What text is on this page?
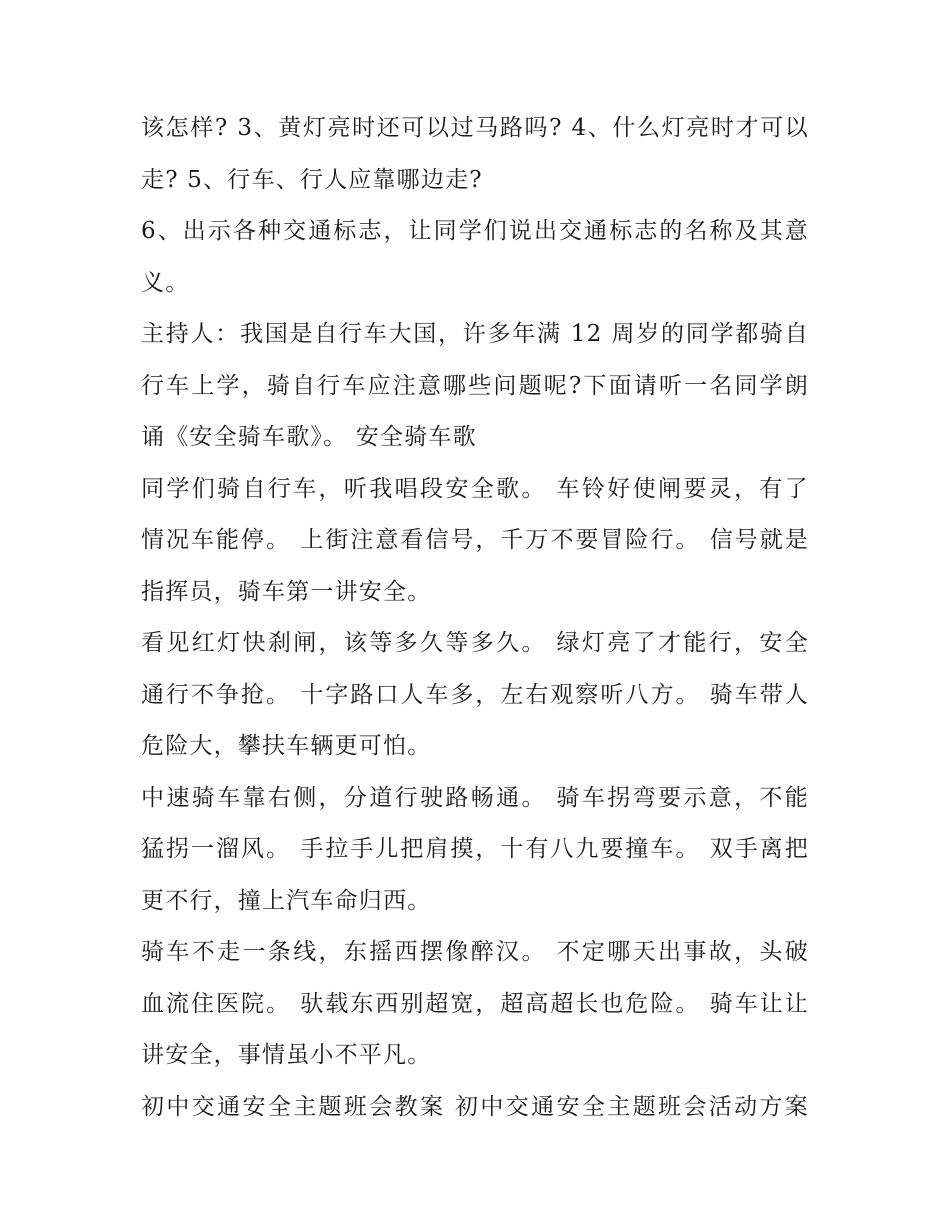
该怎样? 3、黄灯亮时还可以过马路吗? 4、什么灯亮时才可以
走? 5、行车、行人应靠哪边走?
6、出示各种交通标志，让同学们说出交通标志的名称及其意
义。
主持人：我国是自行车大国，许多年满 12 周岁的同学都骑自
行车上学，骑自行车应注意哪些问题呢?下面请听一名同学朗
诵《安全骑车歌》。 安全骑车歌
同学们骑自行车，听我唱段安全歌。 车铃好使闸要灵，有了
情况车能停。 上街注意看信号，千万不要冒险行。 信号就是
指挥员，骑车第一讲安全。
看见红灯快刹闸，该等多久等多久。 绿灯亮了才能行，安全
通行不争抢。 十字路口人车多，左右观察听八方。 骑车带人
危险大，攀扶车辆更可怕。
中速骑车靠右侧，分道行驶路畅通。 骑车拐弯要示意，不能
猛拐一溜风。 手拉手儿把肩摸，十有八九要撞车。 双手离把
更不行，撞上汽车命归西。
骑车不走一条线，东摇西摆像醉汉。 不定哪天出事故，头破
血流住医院。 驮载东西别超宽，超高超长也危险。 骑车让让
讲安全，事情虽小不平凡。
初中交通安全主题班会教案 初中交通安全主题班会活动方案
